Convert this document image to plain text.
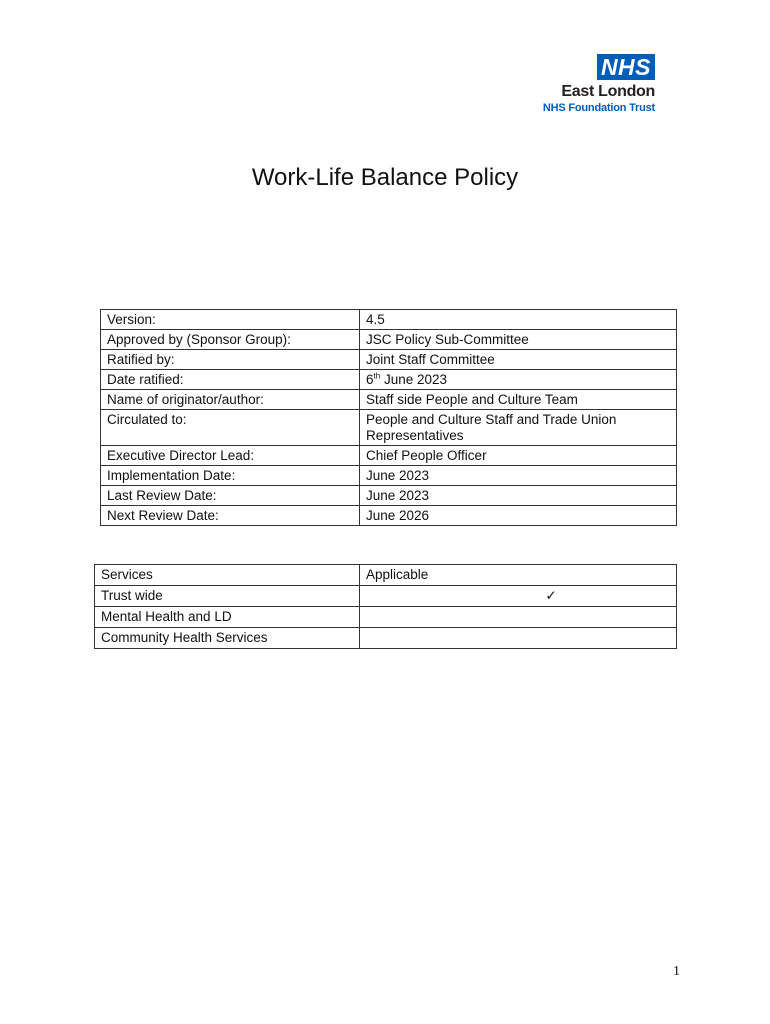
NHS
East London
NHS Foundation Trust
Work-Life Balance Policy
Version:	4.5
Approved by (Sponsor Group):	JSC Policy Sub-Committee
Ratified by:	Joint Staff Committee
Date ratified:	6th June 2023
Name of originator/author:	Staff side People and Culture Team
Circulated to:	People and Culture Staff and Trade Union Representatives
Executive Director Lead:	Chief People Officer
Implementation Date:	June 2023
Last Review Date:	June 2023
Next Review Date:	June 2026
Services	Applicable
Trust wide	✓
Mental Health and LD	
Community Health Services	
1
